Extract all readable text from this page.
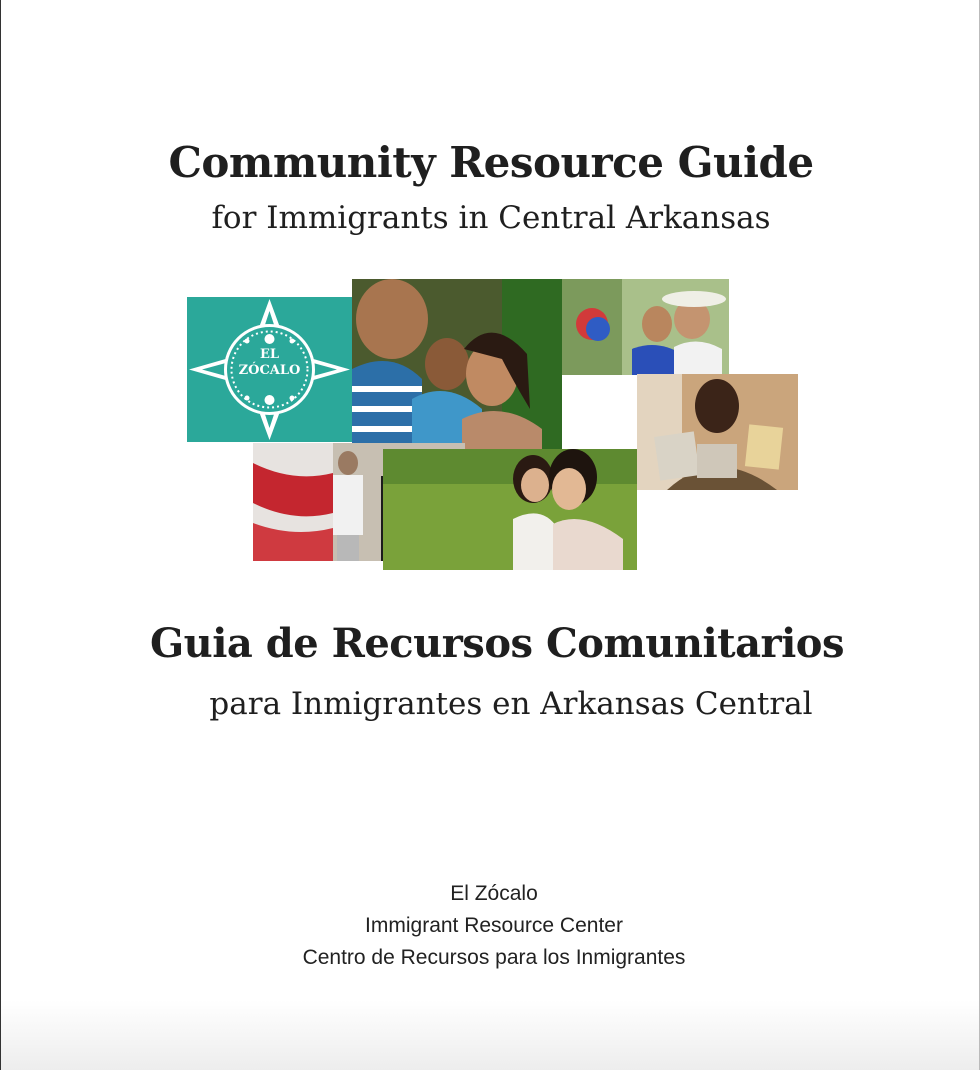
Community Resource Guide
for Immigrants in Central Arkansas
EL
ZÓCALO
Guia de Recursos Comunitarios
para Inmigrantes en Arkansas Central
El Zócalo
Immigrant Resource Center
Centro de Recursos para los Inmigrantes
